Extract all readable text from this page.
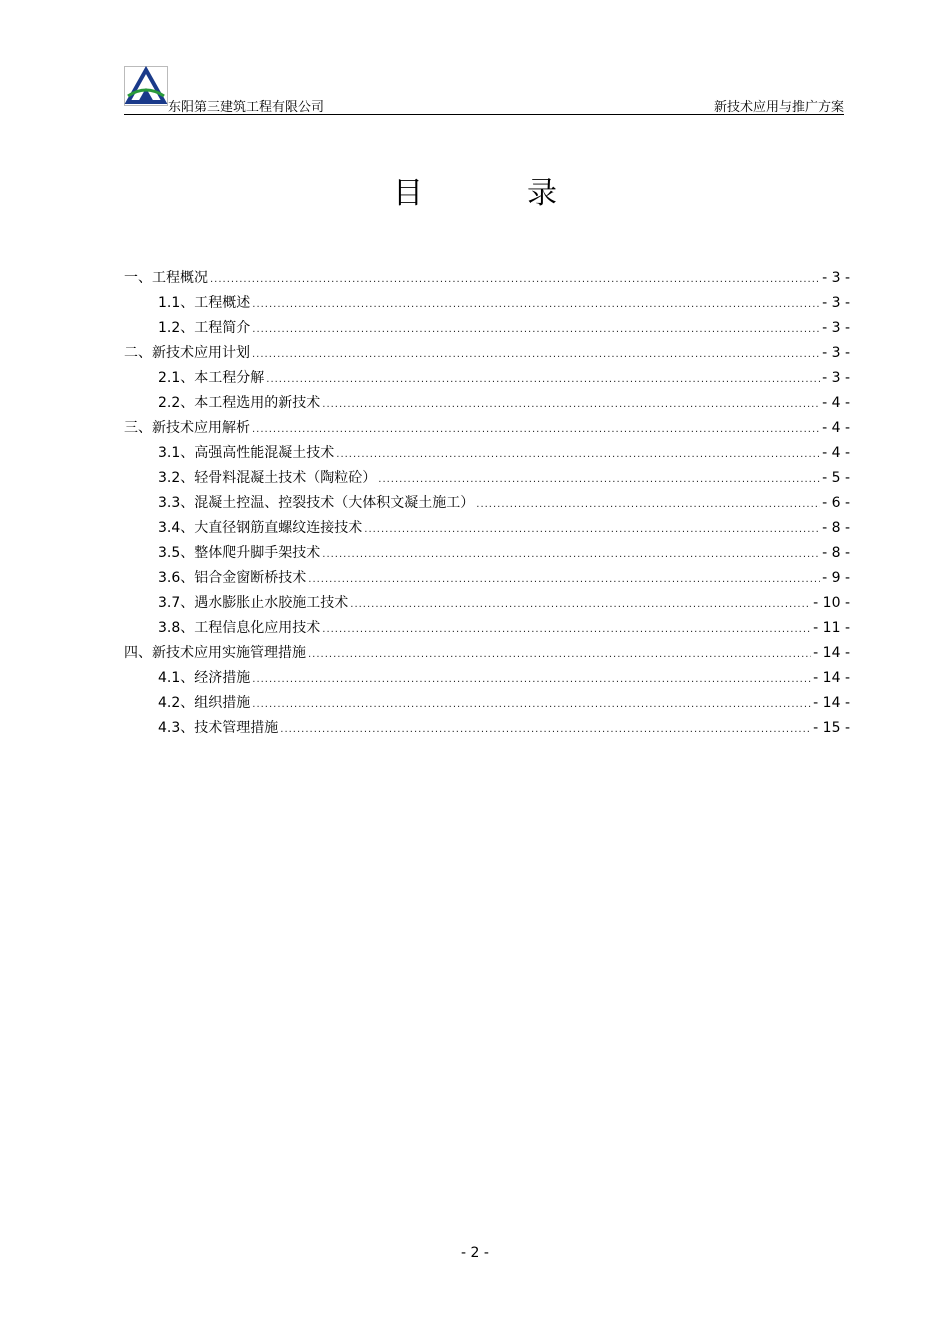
东阳第三建筑工程有限公司	新技术应用与推广方案
目录
一、 工程概况 .....	- 3 -
1.1、 工程概述 .....	- 3 -
1.2、 工程简介 .....	- 3 -
二、 新技术应用计划 .....	- 3 -
2.1、 本工程分解 .....	- 3 -
2.2、 本工程选用的新技术 .....	- 4 -
三、 新技术应用解析 .....	- 4 -
3.1、 高强高性能混凝土技术 .....	- 4 -
3.2、 轻骨料混凝土技术（陶粒砼） .....	- 5 -
3.3、 混凝土控温、控裂技术（大体积文凝土施工） .....	- 6 -
3.4、 大直径钢筋直螺纹连接技术 .....	- 8 -
3.5、 整体爬升脚手架技术 .....	- 8 -
3.6、 铝合金窗断桥技术 .....	- 9 -
3.7、 遇水膨胀止水胶施工技术 .....	- 10 -
3.8、 工程信息化应用技术 .....	- 11 -
四、 新技术应用实施管理措施 .....	- 14 -
4.1、 经济措施 .....	- 14 -
4.2、 组织措施 .....	- 14 -
4.3、 技术管理措施 .....	- 15 -
- 2 -
